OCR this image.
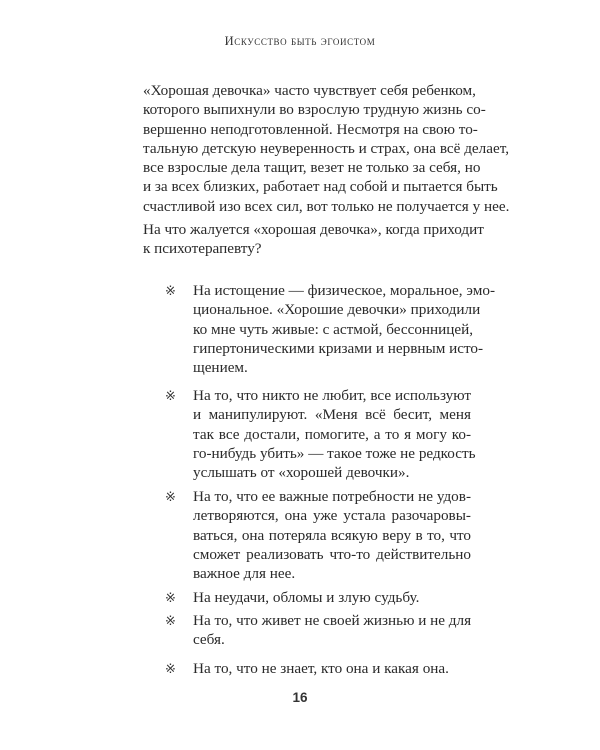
Искусство быть эгоистом
«Хорошая девочка» часто чувствует себя ребенком,
которого выпихнули во взрослую трудную жизнь со-
вершенно неподготовленной. Несмотря на свою то-
тальную детскую неуверенность и страх, она всё делает,
все взрослые дела тащит, везет не только за себя, но
и за всех близких, работает над собой и пытается быть
счастливой изо всех сил, вот только не получается у нее.
На что жалуется «хорошая девочка», когда приходит
к психотерапевту?
※ На истощение — физическое, моральное, эмо-
циональное. «Хорошие девочки» приходили
ко мне чуть живые: с астмой, бессонницей,
гипертоническими кризами и нервным исто-
щением.
※ На то, что никто не любит, все используют
и манипулируют. «Меня всё бесит, меня
так все достали, помогите, а то я могу ко-
го-нибудь убить» — такое тоже не редкость
услышать от «хорошей девочки».
※ На то, что ее важные потребности не удов-
летворяются, она уже устала разочаровы-
ваться, она потеряла всякую веру в то, что
сможет реализовать что-то действительно
важное для нее.
※ На неудачи, обломы и злую судьбу.
※ На то, что живет не своей жизнью и не для
себя.
※ На то, что не знает, кто она и какая она.
16
